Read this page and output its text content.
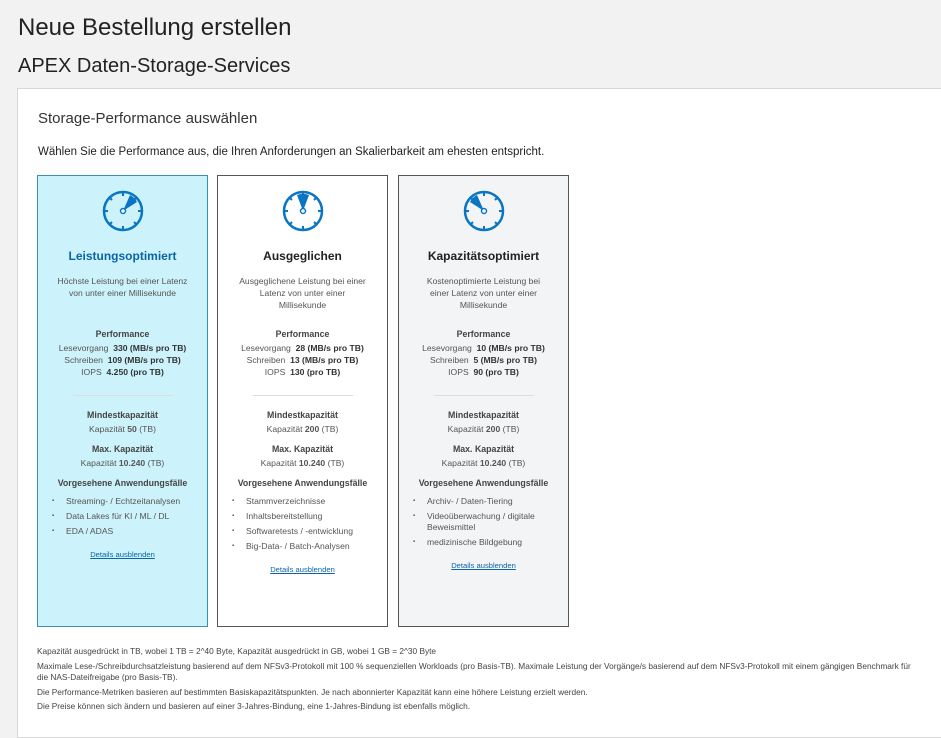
Neue Bestellung erstellen
APEX Daten-Storage-Services
Storage-Performance auswählen
Wählen Sie die Performance aus, die Ihren Anforderungen an Skalierbarkeit am ehesten entspricht.
Leistungsoptimiert
Höchste Leistung bei einer Latenz von unter einer Millisekunde
Performance
Lesevorgang 330 (MB/s pro TB)
Schreiben 109 (MB/s pro TB)
IOPS 4.250 (pro TB)
Mindestkapazität
Kapazität 50 (TB)
Max. Kapazität
Kapazität 10.240 (TB)
Vorgesehene Anwendungsfälle
▪ Streaming- / Echtzeitanalysen
▪ Data Lakes für KI / ML / DL
▪ EDA / ADAS
Details ausblenden
Ausgeglichen
Ausgeglichene Leistung bei einer Latenz von unter einer Millisekunde
Performance
Lesevorgang 28 (MB/s pro TB)
Schreiben 13 (MB/s pro TB)
IOPS 130 (pro TB)
Mindestkapazität
Kapazität 200 (TB)
Max. Kapazität
Kapazität 10.240 (TB)
Vorgesehene Anwendungsfälle
▪ Stammverzeichnisse
▪ Inhaltsbereitstellung
▪ Softwaretests / -entwicklung
▪ Big-Data- / Batch-Analysen
Details ausblenden
Kapazitätsoptimiert
Kostenoptimierte Leistung bei einer Latenz von unter einer Millisekunde
Performance
Lesevorgang 10 (MB/s pro TB)
Schreiben 5 (MB/s pro TB)
IOPS 90 (pro TB)
Mindestkapazität
Kapazität 200 (TB)
Max. Kapazität
Kapazität 10.240 (TB)
Vorgesehene Anwendungsfälle
▪ Archiv- / Daten-Tiering
▪ Videoüberwachung / digitale Beweismittel
▪ medizinische Bildgebung
Details ausblenden

Kapazität ausgedrückt in TB, wobei 1 TB = 2^40 Byte, Kapazität ausgedrückt in GB, wobei 1 GB = 2^30 Byte

Maximale Lese-/Schreibdurchsatzleistung basierend auf dem NFSv3-Protokoll mit 100 % sequenziellen Workloads (pro Basis-TB). Maximale Leistung der Vorgänge/s basierend auf dem NFSv3-Protokoll mit einem gängigen Benchmark für die NAS-Dateifreigabe (pro Basis-TB).

Die Performance-Metriken basieren auf bestimmten Basiskapazitätspunkten. Je nach abonnierter Kapazität kann eine höhere Leistung erzielt werden.

Die Preise können sich ändern und basieren auf einer 3-Jahres-Bindung, eine 1-Jahres-Bindung ist ebenfalls möglich.
